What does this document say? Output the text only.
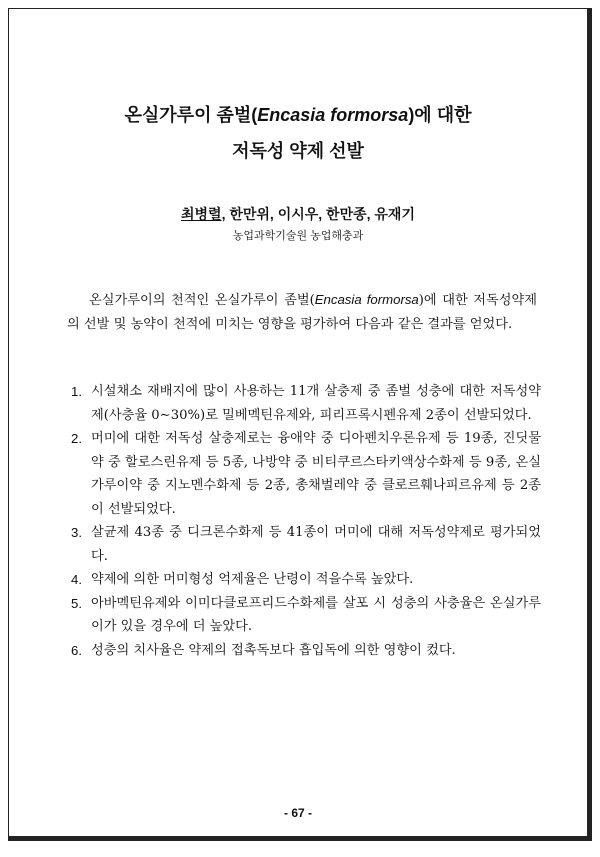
온실가루이 좀벌(Encasia formorsa)에 대한
저독성 약제 선발

최병렬, 한만위, 이시우, 한만종, 유재기

농업과학기술원 농업해충과

온실가루이의 천적인 온실가루이 좀벌(Encasia formorsa)에 대한 저독성약제의 선발 및 농약이 천적에 미치는 영향을 평가하여 다음과 같은 결과를 얻었다.

1. 시설채소 재배지에 많이 사용하는 11개 살충제 중 좀벌 성충에 대한 저독성약제(사충율 0∼30%)로 밀베멕틴유제와, 피리프록시펜유제 2종이 선발되었다.
2. 머미에 대한 저독성 살충제로는 융애약 중 디아펜치우론유제 등 19종, 진딧물약 중 할로스린유제 등 5종, 나방약 중 비티쿠르스타키액상수화제 등 9종, 온실가루이약 중 지노멘수화제 등 2종, 총채벌레약 중 클로르훼나피르유제 등 2종이 선발되었다.
3. 살균제 43종 중 디크론수화제 등 41종이 머미에 대해 저독성약제로 평가되었다.
4. 약제에 의한 머미형성 억제율은 난령이 적을수록 높았다.
5. 아바멕틴유제와 이미다클로프리드수화제를 살포 시 성충의 사충율은 온실가루이가 있을 경우에 더 높았다.
6. 성충의 치사율은 약제의 접촉독보다 흡입독에 의한 영향이 컸다.

- 67 -
